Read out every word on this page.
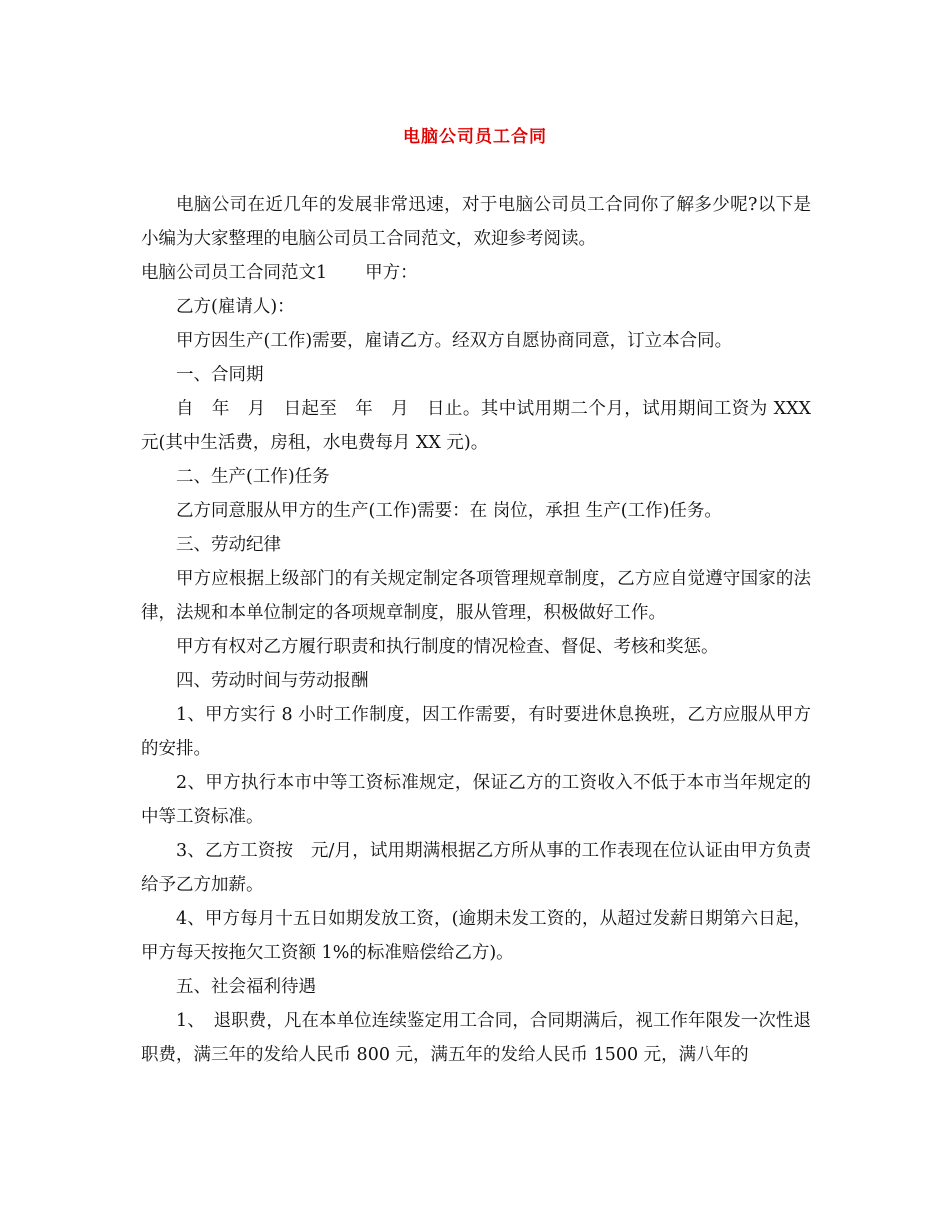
电脑公司员工合同

电脑公司在近几年的发展非常迅速，对于电脑公司员工合同你了解多少呢?以下是小编为大家整理的电脑公司员工合同范文，欢迎参考阅读。

电脑公司员工合同范文1 甲方：

乙方(雇请人)：

甲方因生产(工作)需要，雇请乙方。经双方自愿协商同意，订立本合同。

一、合同期

自　年　月　日起至　年　月　日止。其中试用期二个月，试用期间工资为 XXX 元(其中生活费，房租，水电费每月 XX 元)。

二、生产(工作)任务

乙方同意服从甲方的生产(工作)需要：在 岗位，承担 生产(工作)任务。

三、劳动纪律

甲方应根据上级部门的有关规定制定各项管理规章制度，乙方应自觉遵守国家的法律，法规和本单位制定的各项规章制度，服从管理，积极做好工作。

甲方有权对乙方履行职责和执行制度的情况检查、督促、考核和奖惩。

四、劳动时间与劳动报酬

1、甲方实行 8 小时工作制度，因工作需要，有时要进休息换班，乙方应服从甲方的安排。

2、甲方执行本市中等工资标准规定，保证乙方的工资收入不低于本市当年规定的中等工资标准。

3、乙方工资按　元/月，试用期满根据乙方所从事的工作表现在位认证由甲方负责给予乙方加薪。

4、甲方每月十五日如期发放工资，(逾期未发工资的，从超过发薪日期第六日起，甲方每天按拖欠工资额 1%的标准赔偿给乙方)。

五、社会福利待遇

1、　退职费，凡在本单位连续鉴定用工合同，合同期满后，视工作年限发一次性退职费，满三年的发给人民币 800 元，满五年的发给人民币 1500 元，满八年的
